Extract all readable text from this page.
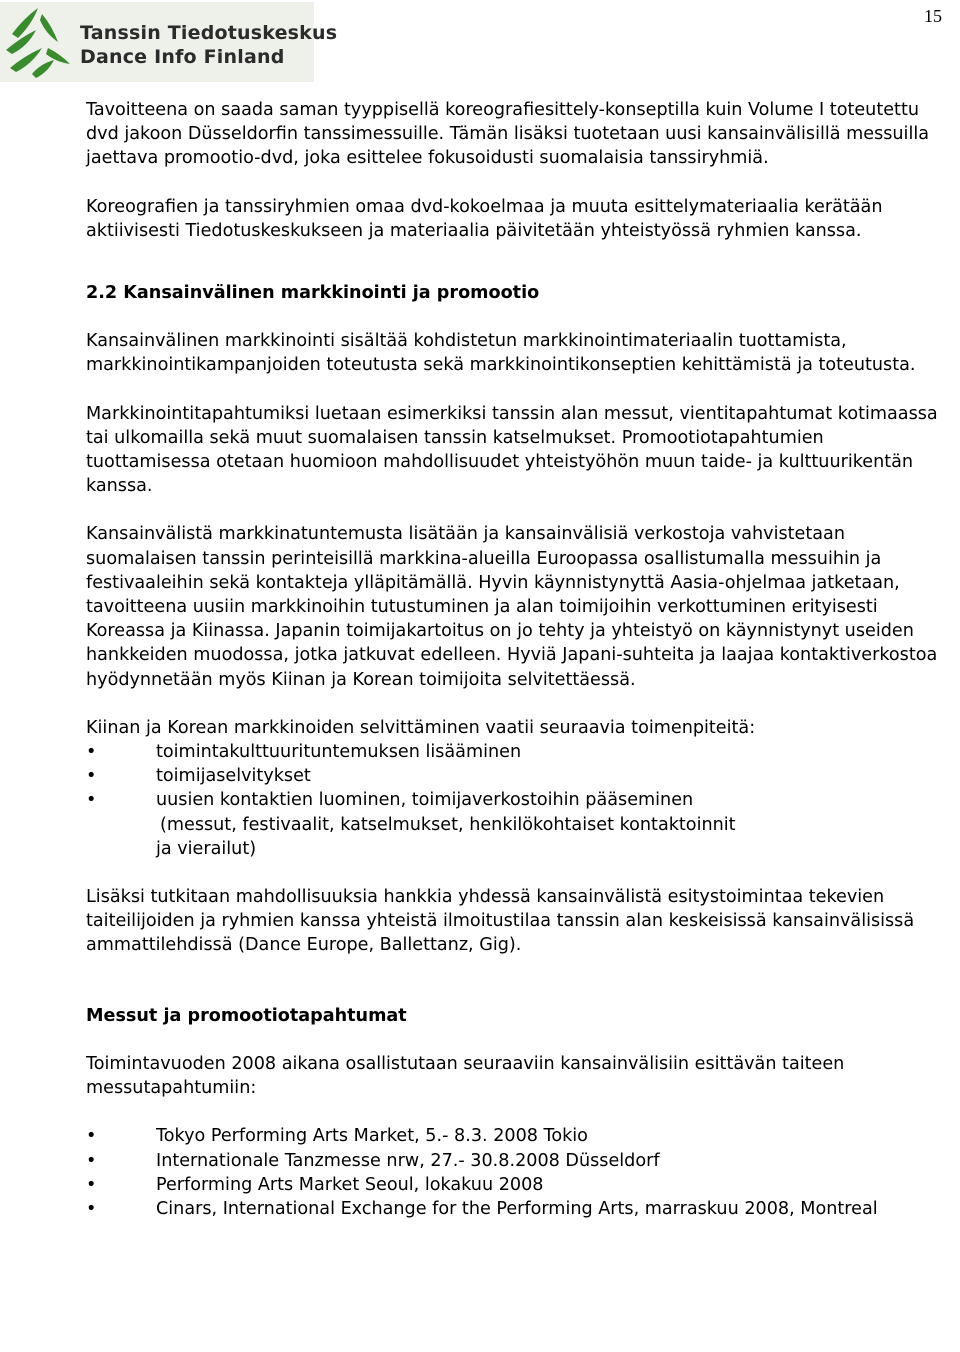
Tanssin Tiedotuskeskus
Dance Info Finland
15

Tavoitteena on saada saman tyyppisellä koreografiesittely-konseptilla kuin Volume I toteutettu dvd jakoon Düsseldorfin tanssimessuille. Tämän lisäksi tuotetaan uusi kansainvälisillä messuilla jaettava promootio-dvd, joka esittelee fokusoidusti suomalaisia tanssiryhmiä.

Koreografien ja tanssiryhmien omaa dvd-kokoelmaa ja muuta esittelymateriaalia kerätään aktiivisesti Tiedotuskeskukseen ja materiaalia päivitetään yhteistyössä ryhmien kanssa.

2.2 Kansainvälinen markkinointi ja promootio

Kansainvälinen markkinointi sisältää kohdistetun markkinointimateriaalin tuottamista, markkinointikampanjoiden toteutusta sekä markkinointikonseptien kehittämistä ja toteutusta.

Markkinointitapahtumiksi luetaan esimerkiksi tanssin alan messut, vientitapahtumat kotimaassa tai ulkomailla sekä muut suomalaisen tanssin katselmukset. Promootiotapahtumien tuottamisessa otetaan huomioon mahdollisuudet yhteistyöhön muun taide- ja kulttuurikentän kanssa.

Kansainvälistä markkinatuntemusta lisätään ja kansainvälisiä verkostoja vahvistetaan suomalaisen tanssin perinteisillä markkina-alueilla Euroopassa osallistumalla messuihin ja festivaaleihin sekä kontakteja ylläpitämällä. Hyvin käynnistynyttä Aasia-ohjelmaa jatketaan, tavoitteena uusiin markkinoihin tutustuminen ja alan toimijoihin verkottuminen erityisesti Koreassa ja Kiinassa. Japanin toimijakartoitus on jo tehty ja yhteistyö on käynnistynyt useiden hankkeiden muodossa, jotka jatkuvat edelleen. Hyviä Japani-suhteita ja laajaa kontaktiverkostoa hyödynnetään myös Kiinan ja Korean toimijoita selvitettäessä.

Kiinan ja Korean markkinoiden selvittäminen vaatii seuraavia toimenpiteitä:

• toimintakulttuurituntemuksen lisääminen
• toimijaselvitykset
• uusien kontaktien luominen, toimijaverkostoihin pääseminen

(messut, festivaalit, katselmukset, henkilökohtaiset kontaktoinnit

ja vierailut)

Lisäksi tutkitaan mahdollisuuksia hankkia yhdessä kansainvälistä esitystoimintaa tekevien taiteilijoiden ja ryhmien kanssa yhteistä ilmoitustilaa tanssin alan keskeisissä kansainvälisissä ammattilehdissä (Dance Europe, Ballettanz, Gig).

Messut ja promootiotapahtumat

Toimintavuoden 2008 aikana osallistutaan seuraaviin kansainvälisiin esittävän taiteen messutapahtumiin:

• Tokyo Performing Arts Market, 5.- 8.3. 2008 Tokio
• Internationale Tanzmesse nrw, 27.- 30.8.2008 Düsseldorf
• Performing Arts Market Seoul, lokakuu 2008
• Cinars, International Exchange for the Performing Arts, marraskuu 2008, Montreal
